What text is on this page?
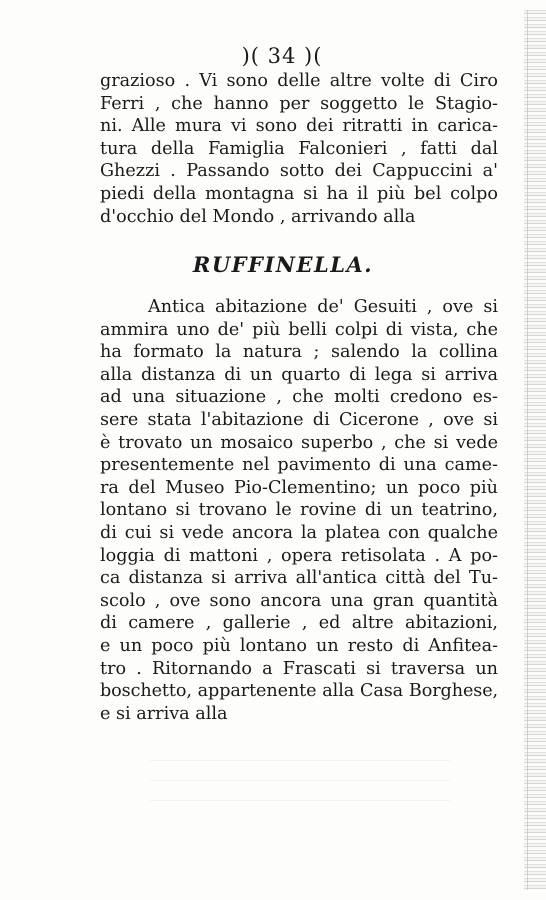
)( 34 )(
grazioso . Vi sono delle altre volte di Ciro
Ferri , che hanno per soggetto le Stagio-
ni. Alle mura vi sono dei ritratti in carica-
tura della Famiglia Falconieri , fatti dal
Ghezzi . Passando sotto dei Cappuccini a'
piedi della montagna si ha il più bel colpo
d'occhio del Mondo , arrivando alla
RUFFINELLA.
Antica abitazione de' Gesuiti , ove si
ammira uno de' più belli colpi di vista, che
ha formato la natura ; salendo la collina
alla distanza di un quarto di lega si arriva
ad una situazione , che molti credono es-
sere stata l'abitazione di Cicerone , ove si
è trovato un mosaico superbo , che si vede
presentemente nel pavimento di una came-
ra del Museo Pio-Clementino; un poco più
lontano si trovano le rovine di un teatrino,
di cui si vede ancora la platea con qualche
loggia di mattoni , opera retisolata . A po-
ca distanza si arriva all'antica città del Tu-
scolo , ove sono ancora una gran quantità
di camere , gallerie , ed altre abitazioni,
e un poco più lontano un resto di Anfitea-
tro . Ritornando a Frascati si traversa un
boschetto, appartenente alla Casa Borghese,
e si arriva alla
